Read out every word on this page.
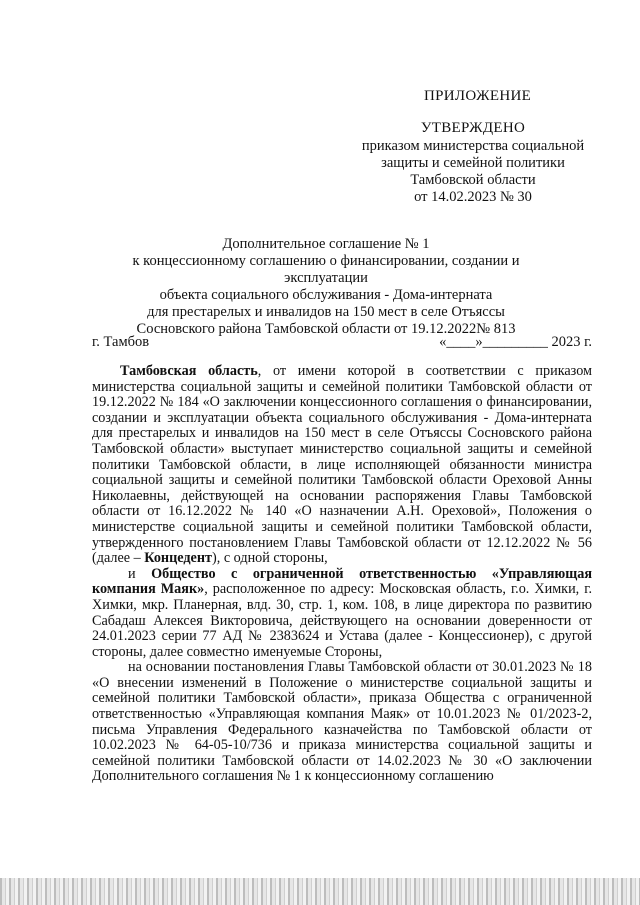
ПРИЛОЖЕНИЕ
УТВЕРЖДЕНО
приказом министерства социальной
защиты и семейной политики
Тамбовской области
от 14.02.2023 № 30
Дополнительное соглашение № 1
к концессионному соглашению о финансировании, создании и эксплуатации
объекта социального обслуживания - Дома-интерната
для престарелых и инвалидов на 150 мест в селе Отъяссы
Сосновского района Тамбовской области от 19.12.2022№ 813
г. Тамбов	«____»_________ 2023 г.

Тамбовская область, от имени которой в соответствии с приказом министерства социальной защиты и семейной политики Тамбовской области от 19.12.2022 № 184 «О заключении концессионного соглашения о финансировании, создании и эксплуатации объекта социального обслуживания - Дома-интерната для престарелых и инвалидов на 150 мест в селе Отъяссы Сосновского района Тамбовской области» выступает министерство социальной защиты и семейной политики Тамбовской области, в лице исполняющей обязанности министра социальной защиты и семейной политики Тамбовской области Ореховой Анны Николаевны, действующей на основании распоряжения Главы Тамбовской области от 16.12.2022 № 140 «О назначении А.Н. Ореховой», Положения о министерстве социальной защиты и семейной политики Тамбовской области, утвержденного постановлением Главы Тамбовской области от 12.12.2022 № 56 (далее – Концедент), с одной стороны,

и Общество с ограниченной ответственностью «Управляющая компания Маяк», расположенное по адресу: Московская область, г.о. Химки, г. Химки, мкр. Планерная, влд. 30, стр. 1, ком. 108, в лице директора по развитию Сабадаш Алексея Викторовича, действующего на основании доверенности от 24.01.2023 серии 77 АД № 2383624 и Устава (далее - Концессионер), с другой стороны, далее совместно именуемые Стороны,

на основании постановления Главы Тамбовской области от 30.01.2023 № 18 «О внесении изменений в Положение о министерстве социальной защиты и семейной политики Тамбовской области», приказа Общества с ограниченной ответственностью «Управляющая компания Маяк» от 10.01.2023 № 01/2023-2, письма Управления Федерального казначейства по Тамбовской области от 10.02.2023 № 64-05-10/736 и приказа министерства социальной защиты и семейной политики Тамбовской области от 14.02.2023 № 30 «О заключении Дополнительного соглашения № 1 к концессионному соглашению
